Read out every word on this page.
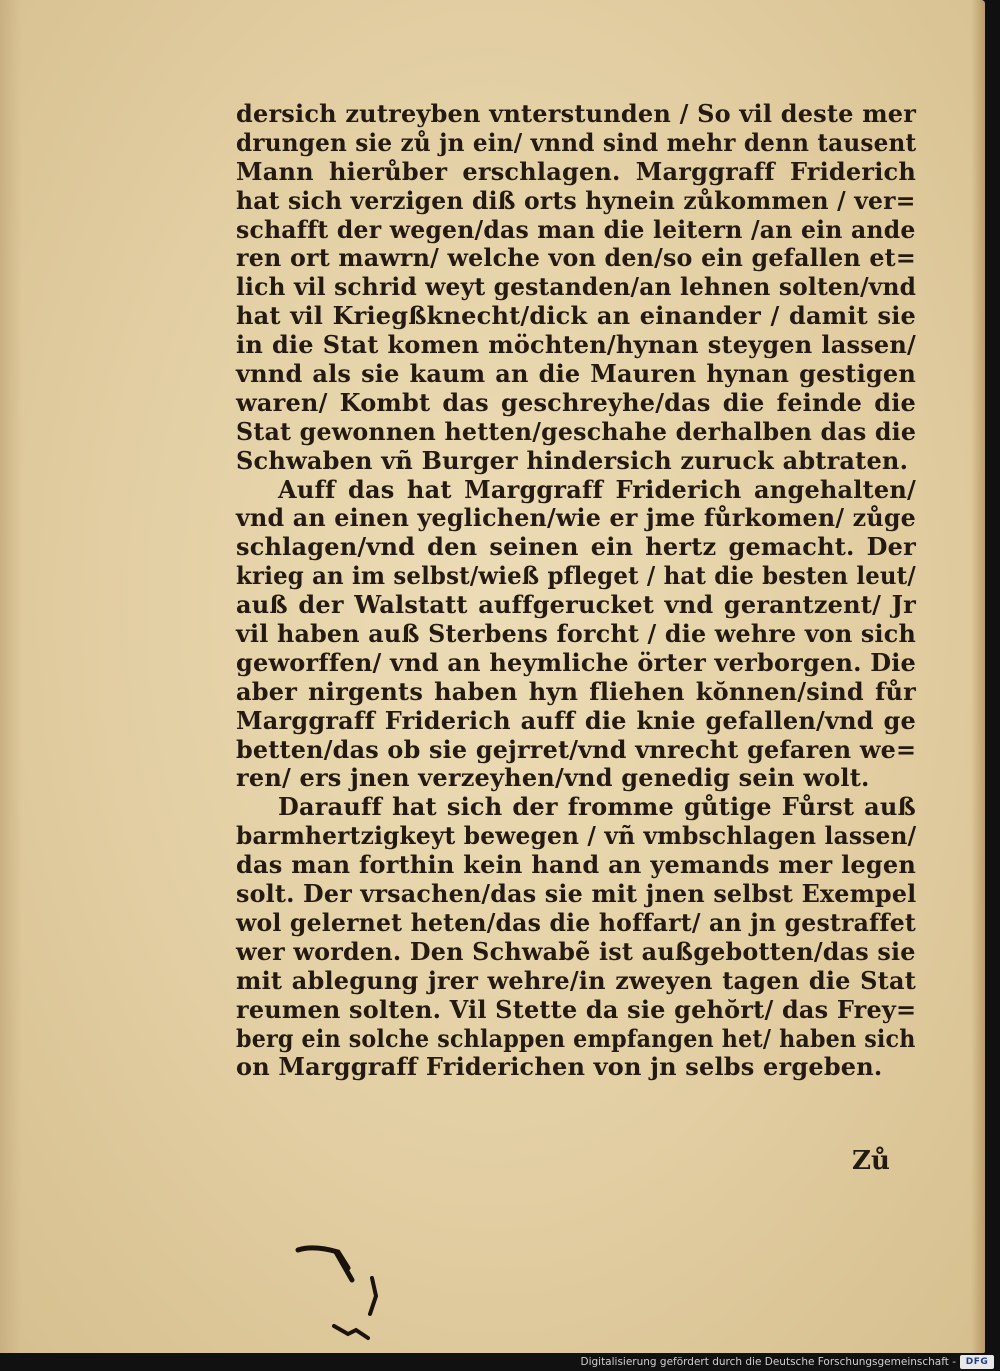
dersich zutreyben vnterstunden / So vil deste mer
drungen sie zů jn ein/ vnnd sind mehr denn tausent
Mann hierůber erschlagen. Marggraff Friderich
hat sich verzigen diß orts hynein zůkommen / ver=
schafft der wegen/das man die leitern /an ein ande
ren ort mawrn/ welche von den/so ein gefallen et=
lich vil schrid weyt gestanden/an lehnen solten/vnd
hat vil Kriegßknecht/dick an einander / damit sie
in die Stat komen möchten/hynan steygen lassen/
vnnd als sie kaum an die Mauren hynan gestigen
waren/ Kombt das geschreyhe/das die feinde die
Stat gewonnen hetten/geschahe derhalben das die
Schwaben vñ Burger hindersich zuruck abtraten.
Auff das hat Marggraff Friderich angehalten/
vnd an einen yeglichen/wie er jme fůrkomen/ zůge
schlagen/vnd den seinen ein hertz gemacht. Der
krieg an im selbst/wieß pfleget / hat die besten leut/
auß der Walstatt auffgerucket vnd gerantzent/ Jr
vil haben auß Sterbens forcht / die wehre von sich
geworffen/ vnd an heymliche örter verborgen. Die
aber nirgents haben hyn fliehen kŏnnen/sind fůr
Marggraff Friderich auff die knie gefallen/vnd ge
betten/das ob sie gejrret/vnd vnrecht gefaren we=
ren/ ers jnen verzeyhen/vnd genedig sein wolt.
Darauff hat sich der fromme gůtige Fůrst auß
barmhertzigkeyt bewegen / vñ vmbschlagen lassen/
das man forthin kein hand an yemands mer legen
solt. Der vrsachen/das sie mit jnen selbst Exempel
wol gelernet heten/das die hoffart/ an jn gestraffet
wer worden. Den Schwabẽ ist außgebotten/das sie
mit ablegung jrer wehre/in zweyen tagen die Stat
reumen solten. Vil Stette da sie gehŏrt/ das Frey=
berg ein solche schlappen empfangen het/ haben sich
on Marggraff Friderichen von jn selbs ergeben.
Zů
Digitalisierung gefördert durch die Deutsche Forschungsgemeinschaft -	DFG
